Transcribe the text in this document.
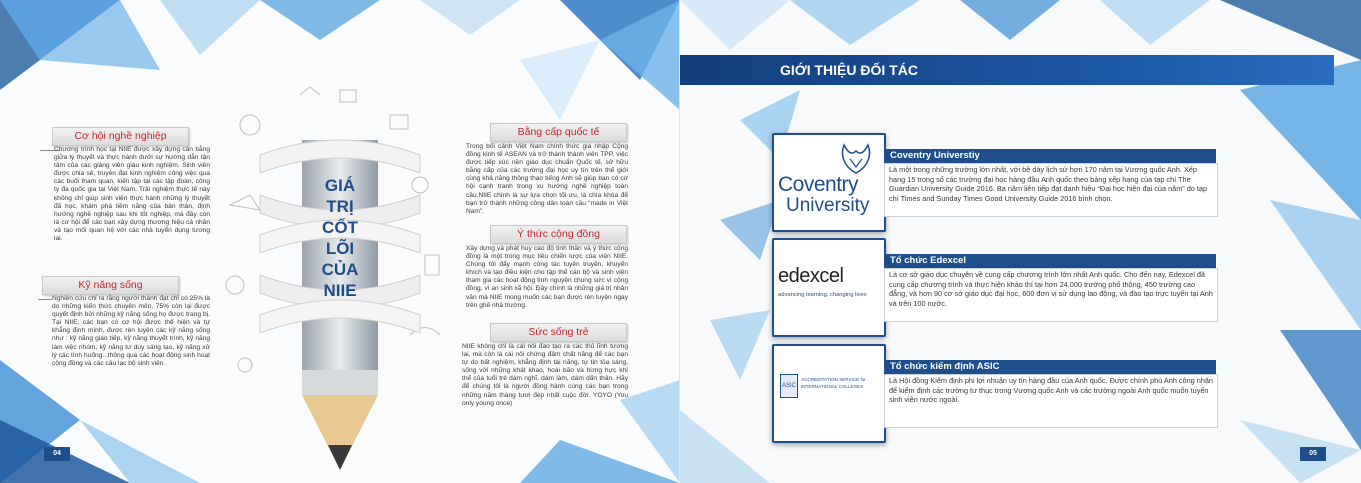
GIÁ
TRỊ
CỐT
LÕI
CỦA
NIIE
Cơ hội nghề nghiệp
Chương trình học tại NIIE được xây dựng cân bằng giữa lý thuyết và thực hành dưới sự hướng dẫn tận tâm của các giảng viên giàu kinh nghiệm. Sinh viên được chia sẻ, truyền đạt kinh nghiệm công việc qua các buổi tham quan, kiến tập tại các tập đoàn, công ty đa quốc gia tại Việt Nam. Trải nghiệm thực tế này không chỉ giúp sinh viên thực hành những lý thuyết đã học, khám phá tiềm năng của bản thân, định hướng nghề nghiệp sau khi tốt nghiệp, mà đây còn là cơ hội để các bạn xây dựng thương hiệu cá nhân và tạo mối quan hệ với các nhà tuyển dụng tương lai.
Kỹ năng sống
Nghiên cứu chỉ ra rằng người thành đạt chỉ có 25% là do những kiến thức chuyên môn, 75% còn lại được quyết định bởi những kỹ năng sống họ được trang bị. Tại NIIE, các bạn có cơ hội được thể hiện và tự khẳng định mình, được rèn luyện các kỹ năng sống như : kỹ năng giao tiếp, kỹ năng thuyết trình, kỹ năng làm việc nhóm, kỹ năng tư duy sáng tạo, kỹ năng xử lý các tình huống...thông qua các hoạt động sinh hoạt cộng đồng và các câu lạc bộ sinh viên.
Bằng cấp quốc tế
Trong bối cảnh Việt Nam chính thức gia nhập Cộng đồng kinh tế ASEAN và trở thành thành viên TPP, việc được tiếp xúc nền giáo dục chuẩn Quốc tế, sở hữu bằng cấp của các trường đại học uy tín trên thế giới cùng khả năng thông thạo tiếng Anh sẽ giúp bạn có cơ hội cạnh tranh trong xu hướng nghề nghiệp toàn cầu.NIIE chính là sự lựa chọn tối ưu, là chìa khóa để bạn trở thành những công dân toàn cầu “made in Việt Nam”.
Ý thức cộng đồng
Xây dựng và phát huy cao độ tinh thần và ý thức cộng đồng là một trong mục tiêu chiến lược của viện NIIE. Chúng tôi đẩy mạnh công tác tuyên truyền, khuyến khích và tạo điều kiện cho tập thể cán bộ và sinh viên tham gia các hoạt động tình nguyện chung sức vì cộng đồng, vì an sinh xã hội. Đây chính là những giá trị nhân văn mà NIIE mong muốn các bạn được rèn luyện ngay trên ghế nhà trường.
Sức sống trẻ
NIIE không chỉ là cái nôi đào tạo ra các thủ lĩnh tương lai, mà còn là cái nôi chứng đậm chất năng để các bạn tự do bất nghiệm, khẳng định tài năng, tự tin tỏa sáng, sống với những khát khao, hoài bão và hừng hực khí thế của tuổi trẻ dám nghĩ, dám làm, dám dấn thân. Hãy để chúng tôi là người đồng hành cùng các bạn trong những năm tháng tươi đẹp nhất cuộc đời. YOYO (You only young once)
04
GIỚI THIỆU ĐỐI TÁC
Coventry
University
Coventry Universtiy
Là một trong những trường lớn nhất, với bề dày lịch sử hơn 170 năm tại Vương quốc Anh. Xếp hạng 15 trong số các trường đại học hàng đầu Anh quốc theo bảng xếp hạng của tạp chí The Guardian University Guide 2016. Ba năm liên tiếp đạt danh hiệu “Đại học hiện đại của năm” do tạp chí Times and Sunday Times Good University Guide 2016 bình chọn.
edexcel
advancing learning, changing lives
Tổ chức Edexcel
Là cơ sở giáo dục chuyên về cung cấp chương trình lớn nhất Anh quốc. Cho đến nay, Edexcel đã cung cấp chương trình và thực hiện khảo thí tại hơn 24.000 trường phổ thông, 450 trường cao đẳng, và hơn 90 cơ sở giáo dục đại học, 600 đơn vị sử dụng lao động, và đào tạo trực tuyến tại Anh và trên 100 nước.
ASIC
ACCREDITATION SERVICE for INTERNATIONAL COLLEGES
Tổ chức kiểm định ASIC
Là Hội đồng Kiểm định phi lợi nhuận uy tín hàng đầu của Anh quốc. Được chính phủ Anh công nhận để kiểm định các trường tư thục trong Vương quốc Anh và các trường ngoài Anh quốc muốn tuyển sinh viên nước ngoài.
05
